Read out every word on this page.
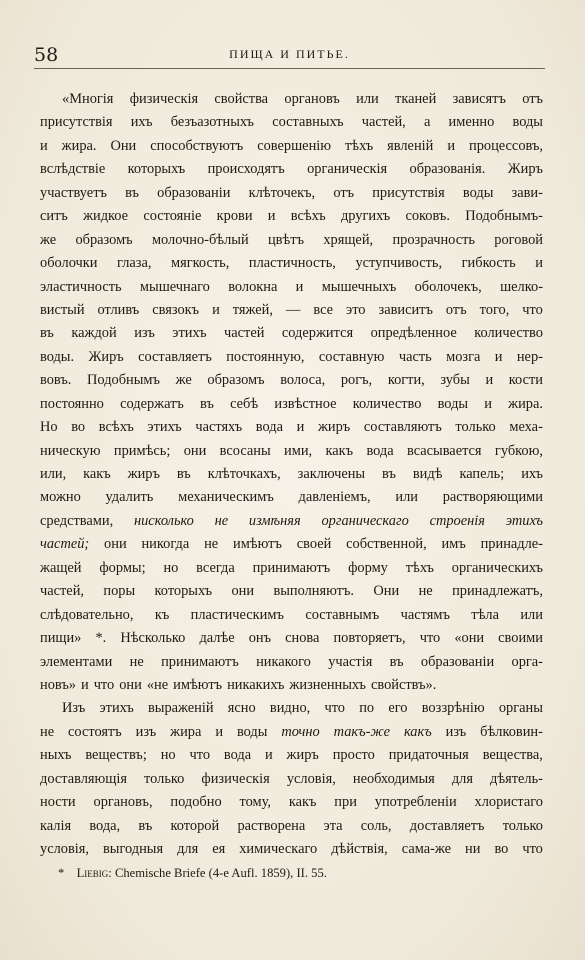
58	ПИЩА И ПИТЬЕ.
«Многія физическія свойства органовъ или тканей зависятъ отъ
присутствія ихъ безъазотныхъ составныхъ частей, а именно воды
и жира. Они способствуютъ совершенію тѣхъ явленій и процессовъ,
вслѣдствіе которыхъ происходятъ органическія образованія. Жиръ
участвуетъ въ образованіи клѣточекъ, отъ присутствія воды зави-
ситъ жидкое состояніе крови и всѣхъ другихъ соковъ. Подобнымъ-
же образомъ молочно-бѣлый цвѣтъ хрящей, прозрачность роговой
оболочки глаза, мягкость, пластичность, уступчивость, гибкость и
эластичность мышечнаго волокна и мышечныхъ оболочекъ, шелко-
вистый отливъ связокъ и тяжей, — все это зависитъ отъ того, что
въ каждой изъ этихъ частей содержится опредѣленное количество
воды. Жиръ составляетъ постоянную, составную часть мозга и нер-
вовъ. Подобнымъ же образомъ волоса, рогъ, когти, зубы и кости
постоянно содержатъ въ себѣ извѣстное количество воды и жира.
Но во всѣхъ этихъ частяхъ вода и жиръ составляютъ только меха-
ническую примѣсь; они всосаны ими, какъ вода всасывается губкою,
или, какъ жиръ въ клѣточкахъ, заключены въ видѣ капель; ихъ
можно удалить механическимъ давленіемъ, или растворяющими
средствами, нисколько не измѣняя органическаго строенія этихъ
частей; они никогда не имѣютъ своей собственной, имъ принадле-
жащей формы; но всегда принимаютъ форму тѣхъ органическихъ
частей, поры которыхъ они выполняютъ. Они не принадлежатъ,
слѣдовательно, къ пластическимъ составнымъ частямъ тѣла или
пищи» *. Нѣсколько далѣе онъ снова повторяетъ, что «они своими
элементами не принимаютъ никакого участія въ образованіи орга-
новъ» и что они «не имѣютъ никакихъ жизненныхъ свойствъ».
Изъ этихъ выраженій ясно видно, что по его воззрѣнію органы
не состоятъ изъ жира и воды точно такъ-же какъ изъ бѣлковин-
ныхъ веществъ; но что вода и жиръ просто придаточныя вещества,
доставляющія только физическія условія, необходимыя для дѣятель-
ности органовъ, подобно тому, какъ при употребленіи хлористаго
калія вода, въ которой растворена эта соль, доставляетъ только
условія, выгодныя для ея химическаго дѣйствія, сама-же ни во что
* Liebig: Chemische Briefe (4-e Aufl. 1859), II. 55.
